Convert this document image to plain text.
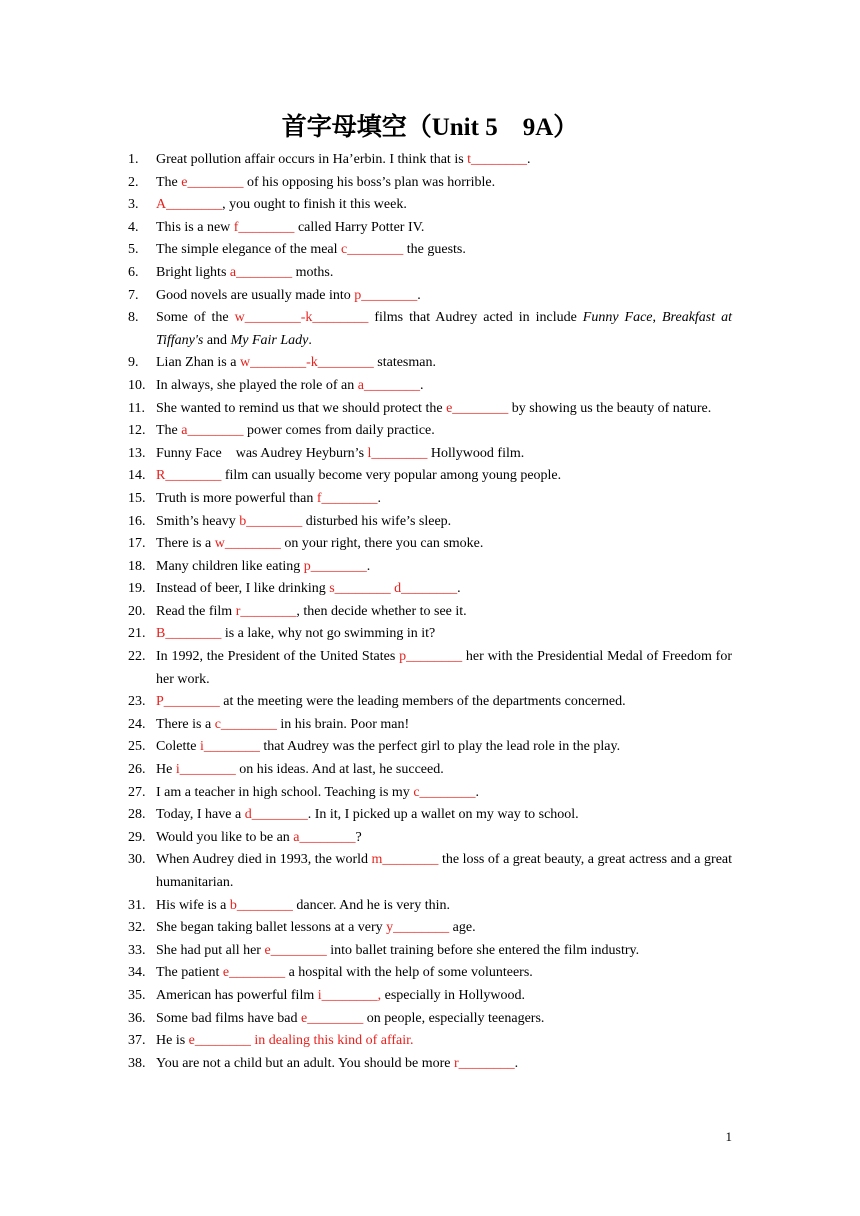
首字母填空（Unit 5　9A）
1.	Great pollution affair occurs in Ha’erbin. I think that is t________.
2.	The e________ of his opposing his boss’s plan was horrible.
3.	A________, you ought to finish it this week.
4.	This is a new f________ called Harry Potter IV.
5.	The simple elegance of the meal c________ the guests.
6.	Bright lights a________ moths.
7.	Good novels are usually made into p________.
8.	Some of the w________-k________ films that Audrey acted in include Funny Face, Breakfast at Tiffany's and My Fair Lady.
9.	Lian Zhan is a w________-k________ statesman.
10. In always, she played the role of an a________.
11. She wanted to remind us that we should protect the e________ by showing us the beauty of nature.
12. The a________ power comes from daily practice.
13. Funny Face　was Audrey Heyburn’s l________ Hollywood film.
14. R________ film can usually become very popular among young people.
15. Truth is more powerful than f________.
16. Smith’s heavy b________ disturbed his wife’s sleep.
17. There is a w________ on your right, there you can smoke.
18. Many children like eating p________.
19. Instead of beer, I like drinking s________ d________.
20. Read the film r________, then decide whether to see it.
21. B________ is a lake, why not go swimming in it?
22. In 1992, the President of the United States p________ her with the Presidential Medal of Freedom for her work.
23. P________ at the meeting were the leading members of the departments concerned.
24. There is a c________ in his brain. Poor man!
25. Colette i________ that Audrey was the perfect girl to play the lead role in the play.
26. He i________ on his ideas. And at last, he succeed.
27. I am a teacher in high school. Teaching is my c________.
28. Today, I have a d________. In it, I picked up a wallet on my way to school.
29. Would you like to be an a________?
30. When Audrey died in 1993, the world m________ the loss of a great beauty, a great actress and a great humanitarian.
31. His wife is a b________ dancer. And he is very thin.
32. She began taking ballet lessons at a very y________ age.
33. She had put all her e________ into ballet training before she entered the film industry.
34. The patient e________ a hospital with the help of some volunteers.
35. American has powerful film i________, especially in Hollywood.
36. Some bad films have bad e________ on people, especially teenagers.
37. He is e________ in dealing this kind of affair.
38. You are not a child but an adult. You should be more r________.
1
